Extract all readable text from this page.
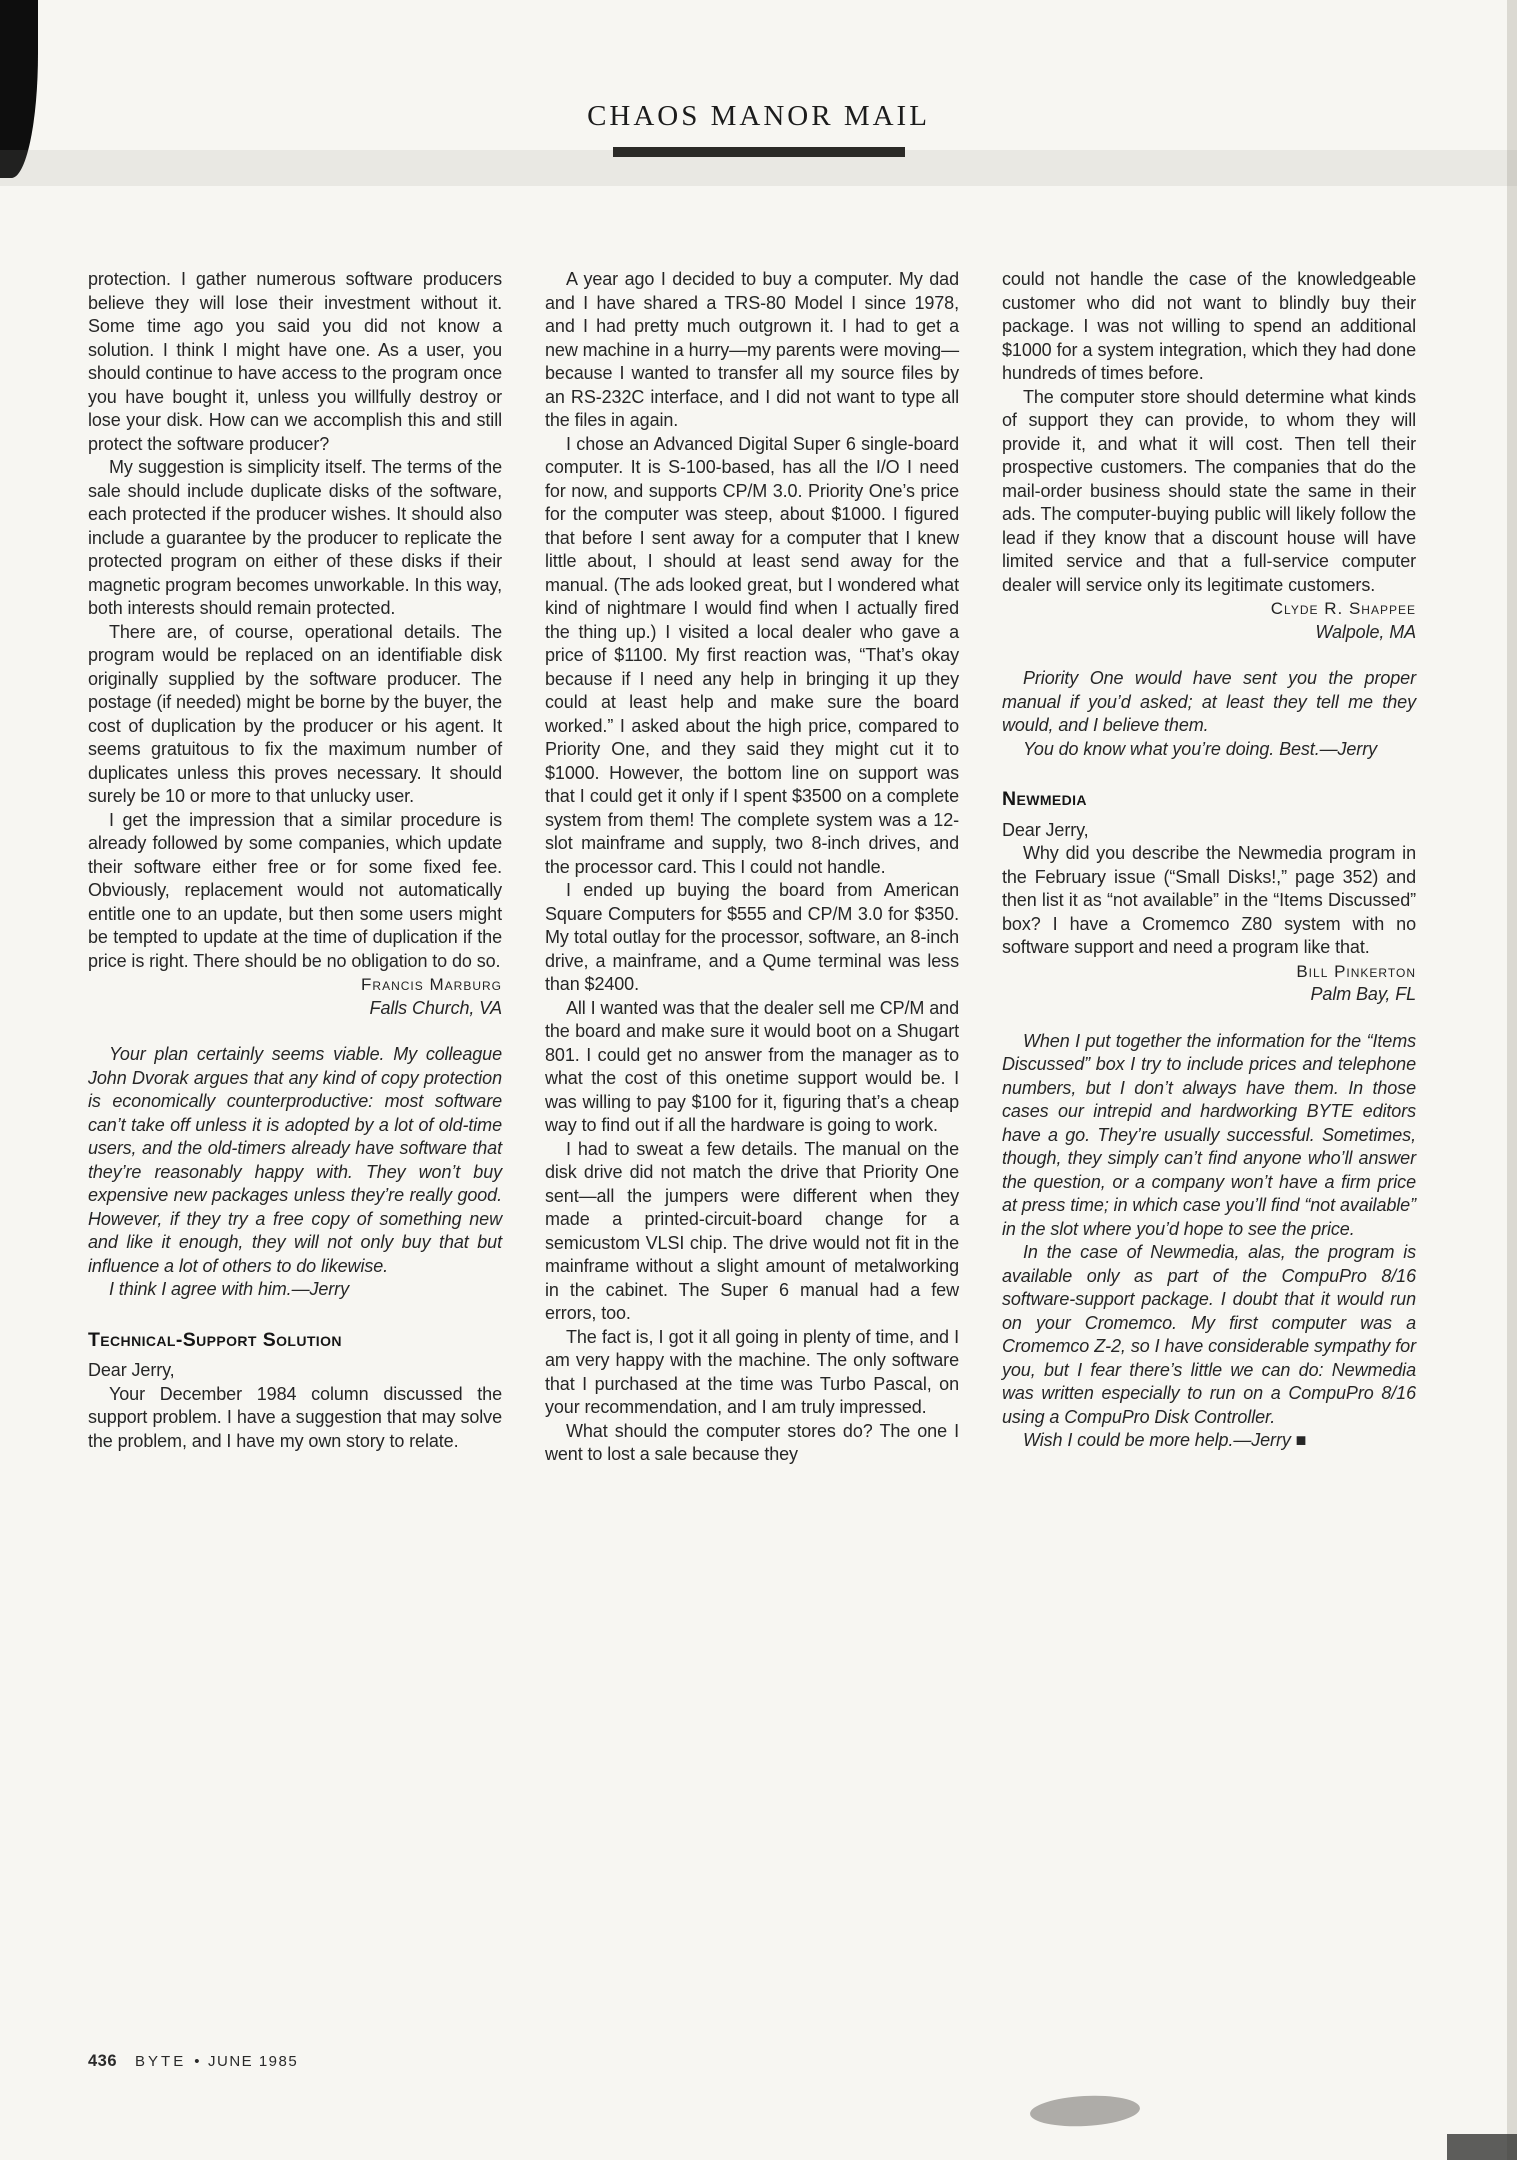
CHAOS MANOR MAIL

protection. I gather numerous software producers believe they will lose their investment without it. Some time ago you said you did not know a solution. I think I might have one. As a user, you should continue to have access to the program once you have bought it, unless you willfully destroy or lose your disk. How can we accomplish this and still protect the software producer?

My suggestion is simplicity itself. The terms of the sale should include duplicate disks of the software, each protected if the producer wishes. It should also include a guarantee by the producer to replicate the protected program on either of these disks if their magnetic program becomes unworkable. In this way, both interests should remain protected.

There are, of course, operational details. The program would be replaced on an identifiable disk originally supplied by the software producer. The postage (if needed) might be borne by the buyer, the cost of duplication by the producer or his agent. It seems gratuitous to fix the maximum number of duplicates unless this proves necessary. It should surely be 10 or more to that unlucky user.

I get the impression that a similar procedure is already followed by some companies, which update their software either free or for some fixed fee. Obviously, replacement would not automatically entitle one to an update, but then some users might be tempted to update at the time of duplication if the price is right. There should be no obligation to do so.

Francis Marburg

Falls Church, VA

Your plan certainly seems viable. My colleague John Dvorak argues that any kind of copy protection is economically counterproductive: most software can’t take off unless it is adopted by a lot of old-time users, and the old-timers already have software that they’re reasonably happy with. They won’t buy expensive new packages unless they’re really good. However, if they try a free copy of something new and like it enough, they will not only buy that but influence a lot of others to do likewise.

I think I agree with him.—Jerry

Technical-Support Solution

Dear Jerry,

Your December 1984 column discussed the support problem. I have a suggestion that may solve the problem, and I have my own story to relate.

A year ago I decided to buy a computer. My dad and I have shared a TRS-80 Model I since 1978, and I had pretty much outgrown it. I had to get a new machine in a hurry—my parents were moving—because I wanted to transfer all my source files by an RS-232C interface, and I did not want to type all the files in again.

I chose an Advanced Digital Super 6 single-board computer. It is S-100-based, has all the I/O I need for now, and supports CP/M 3.0. Priority One’s price for the computer was steep, about $1000. I figured that before I sent away for a computer that I knew little about, I should at least send away for the manual. (The ads looked great, but I wondered what kind of nightmare I would find when I actually fired the thing up.) I visited a local dealer who gave a price of $1100. My first reaction was, “That’s okay because if I need any help in bringing it up they could at least help and make sure the board worked.” I asked about the high price, compared to Priority One, and they said they might cut it to $1000. However, the bottom line on support was that I could get it only if I spent $3500 on a complete system from them! The complete system was a 12-slot mainframe and supply, two 8-inch drives, and the processor card. This I could not handle.

I ended up buying the board from American Square Computers for $555 and CP/M 3.0 for $350. My total outlay for the processor, software, an 8-inch drive, a mainframe, and a Qume terminal was less than $2400.

All I wanted was that the dealer sell me CP/M and the board and make sure it would boot on a Shugart 801. I could get no answer from the manager as to what the cost of this onetime support would be. I was willing to pay $100 for it, figuring that’s a cheap way to find out if all the hardware is going to work.

I had to sweat a few details. The manual on the disk drive did not match the drive that Priority One sent—all the jumpers were different when they made a printed-circuit-board change for a semicustom VLSI chip. The drive would not fit in the mainframe without a slight amount of metalworking in the cabinet. The Super 6 manual had a few errors, too.

The fact is, I got it all going in plenty of time, and I am very happy with the machine. The only software that I purchased at the time was Turbo Pascal, on your recommendation, and I am truly impressed.

What should the computer stores do? The one I went to lost a sale because they

could not handle the case of the knowledgeable customer who did not want to blindly buy their package. I was not willing to spend an additional $1000 for a system integration, which they had done hundreds of times before.

The computer store should determine what kinds of support they can provide, to whom they will provide it, and what it will cost. Then tell their prospective customers. The companies that do the mail-order business should state the same in their ads. The computer-buying public will likely follow the lead if they know that a discount house will have limited service and that a full-service computer dealer will service only its legitimate customers.

Clyde R. Shappee

Walpole, MA

Priority One would have sent you the proper manual if you’d asked; at least they tell me they would, and I believe them.

You do know what you’re doing. Best.—Jerry

Newmedia

Dear Jerry,

Why did you describe the Newmedia program in the February issue (“Small Disks!,” page 352) and then list it as “not available” in the “Items Discussed” box? I have a Cromemco Z80 system with no software support and need a program like that.

Bill Pinkerton

Palm Bay, FL

When I put together the information for the “Items Discussed” box I try to include prices and telephone numbers, but I don’t always have them. In those cases our intrepid and hardworking BYTE editors have a go. They’re usually successful. Sometimes, though, they simply can’t find anyone who’ll answer the question, or a company won’t have a firm price at press time; in which case you’ll find “not available” in the slot where you’d hope to see the price.

In the case of Newmedia, alas, the program is available only as part of the CompuPro 8/16 software-support package. I doubt that it would run on your Cromemco. My first computer was a Cromemco Z-2, so I have considerable sympathy for you, but I fear there’s little we can do: Newmedia was written especially to run on a CompuPro 8/16 using a CompuPro Disk Controller.

Wish I could be more help.—Jerry ■

436 BYTE • JUNE 1985
